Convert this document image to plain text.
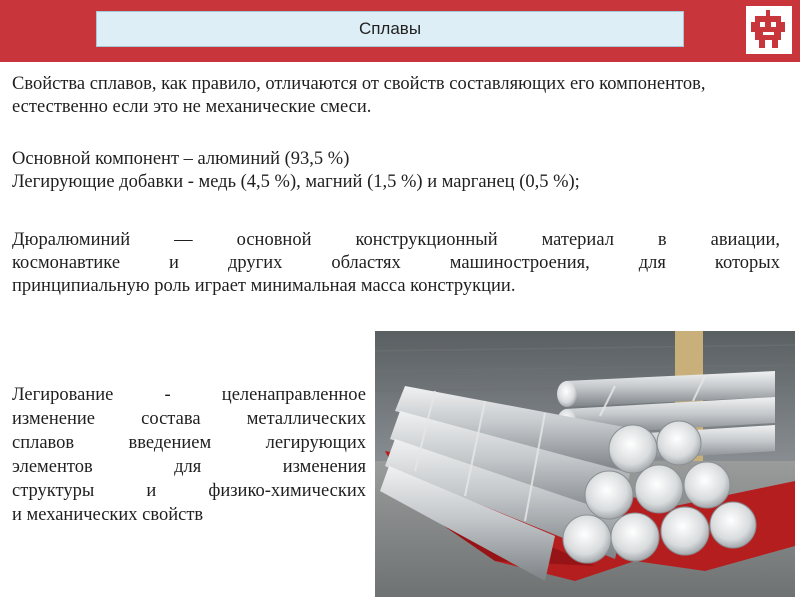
Сплавы
Свойства сплавов, как правило, отличаются от свойств составляющих его компонентов, естественно если это не механические смеси.
Основной компонент – алюминий (93,5 %)
Легирующие добавки - медь (4,5 %), магний (1,5 %) и марганец (0,5 %);
Дюралюминий — основной конструкционный материал в авиации,
космонавтике и других областях машиностроения, для которых
принципиальную роль играет минимальная масса конструкции.
Легирование - целенаправленное
изменение состава металлических
сплавов введением легирующих
элементов для изменения
структуры и физико-химических
и механических свойств
